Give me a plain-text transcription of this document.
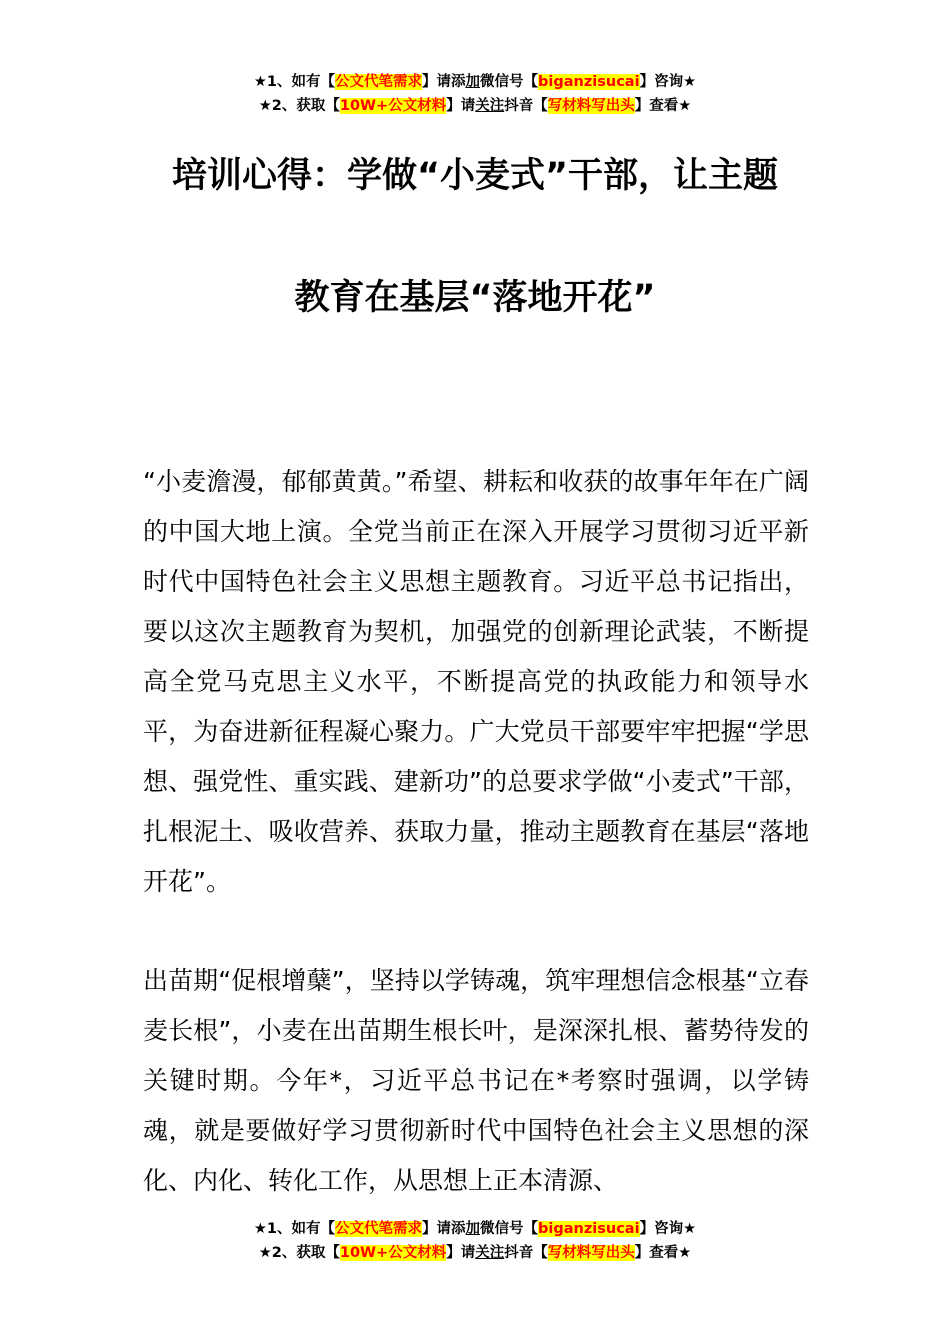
★1、如有【公文代笔需求】请添加微信号【biganzisucai】咨询★
★2、获取【10W+公文材料】请关注抖音【写材料写出头】查看★
培训心得：学做“小麦式”干部，让主题
教育在基层“落地开花”

“小麦澹漫，郁郁黄黄。”希望、耕耘和收获的故事年年在广阔的中国大地上演。全党当前正在深入开展学习贯彻习近平新时代中国特色社会主义思想主题教育。习近平总书记指出，要以这次主题教育为契机，加强党的创新理论武装，不断提高全党马克思主义水平，不断提高党的执政能力和领导水平，为奋进新征程凝心聚力。广大党员干部要牢牢把握“学思想、强党性、重实践、建新功”的总要求学做“小麦式”干部，扎根泥土、吸收营养、获取力量，推动主题教育在基层“落地开花”。

出苗期“促根增蘖”，坚持以学铸魂，筑牢理想信念根基“立春麦长根”，小麦在出苗期生根长叶，是深深扎根、蓄势待发的关键时期。今年*，习近平总书记在*考察时强调，以学铸魂，就是要做好学习贯彻新时代中国特色社会主义思想的深化、内化、转化工作，从思想上正本清源、

★1、如有【公文代笔需求】请添加微信号【biganzisucai】咨询★
★2、获取【10W+公文材料】请关注抖音【写材料写出头】查看★
